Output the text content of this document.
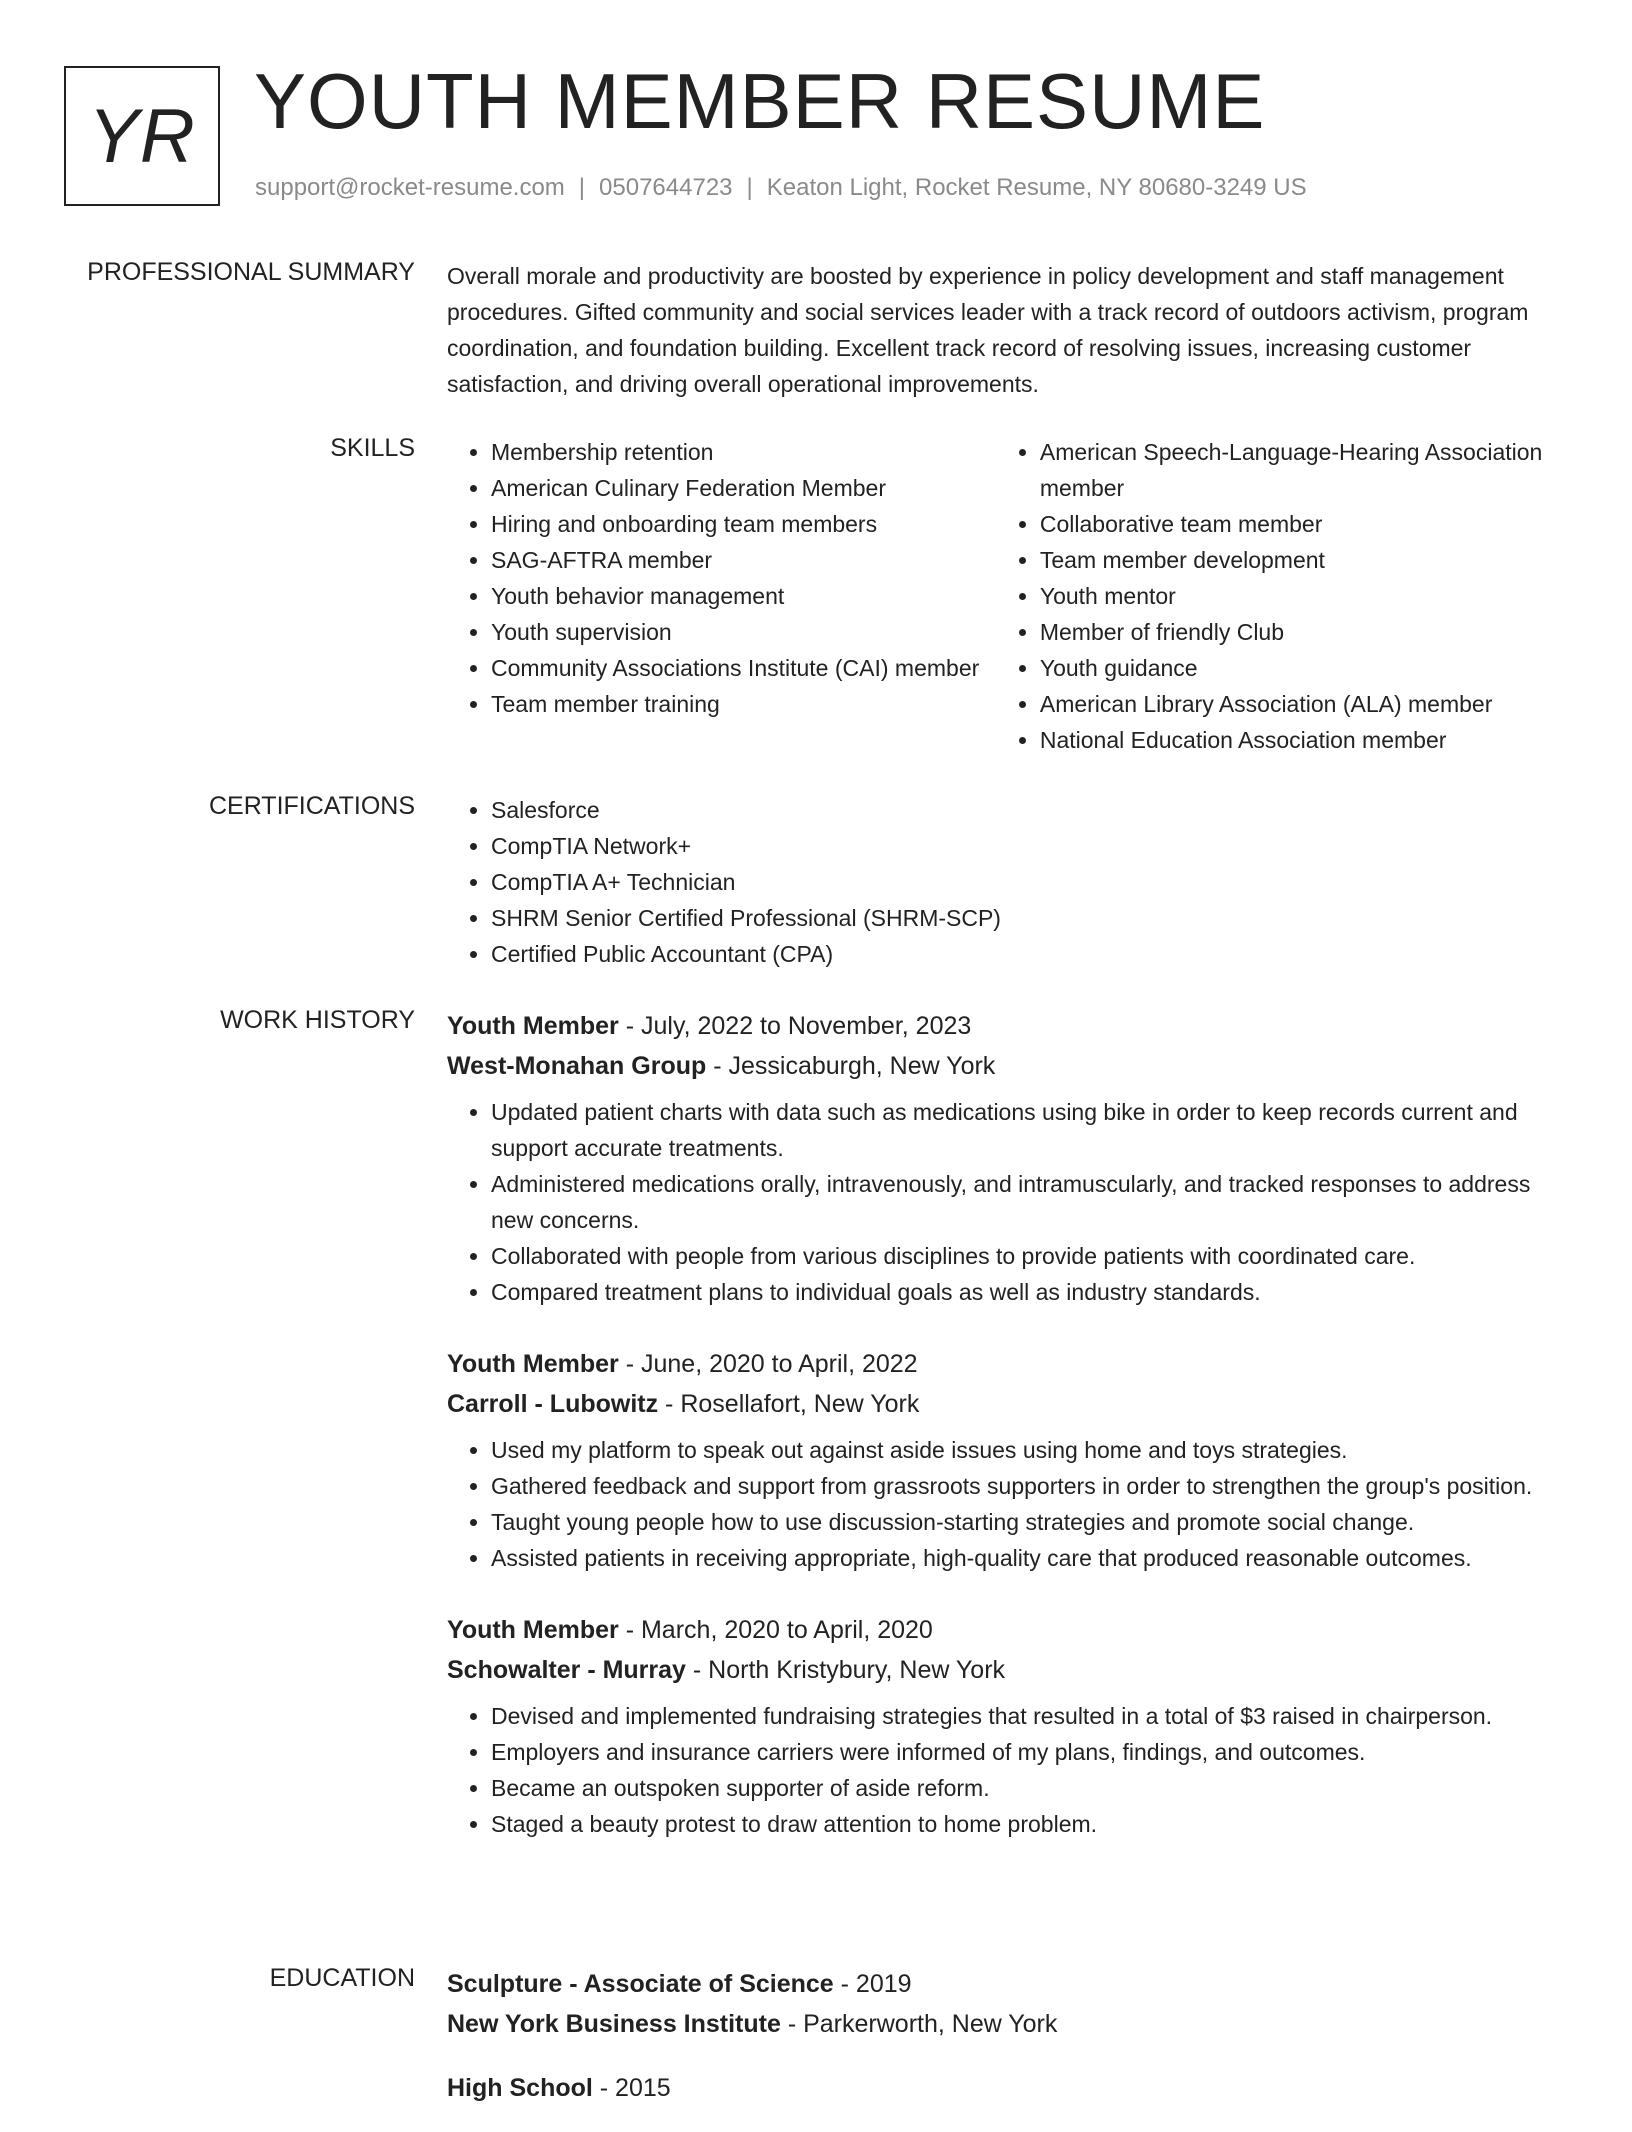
YR YOUTH MEMBER RESUME
support@rocket-resume.com | 0507644723 | Keaton Light, Rocket Resume, NY 80680-3249 US
PROFESSIONAL SUMMARY Overall morale and productivity are boosted by experience in policy development and staff management procedures. Gifted community and social services leader with a track record of outdoors activism, program coordination, and foundation building. Excellent track record of resolving issues, increasing customer satisfaction, and driving overall operational improvements.

SKILLS	• Membership retention
• American Culinary Federation Member
• Hiring and onboarding team members
• SAG-AFTRA member
• Youth behavior management
• Youth supervision
• Community Associations Institute (CAI) member
• Team member training
• American Speech-Language-Hearing Association member
• Collaborative team member
• Team member development
• Youth mentor
• Member of friendly Club
• Youth guidance
• American Library Association (ALA) member
• National Education Association member
CERTIFICATIONS	• Salesforce
• CompTIA Network+
• CompTIA A+ Technician
• SHRM Senior Certified Professional (SHRM-SCP)
• Certified Public Accountant (CPA)
WORK HISTORY Youth Member - July, 2022 to November, 2023
West-Monahan Group - Jessicaburgh, New York
• Updated patient charts with data such as medications using bike in order to keep records current and support accurate treatments.
• Administered medications orally, intravenously, and intramuscularly, and tracked responses to address new concerns.
• Collaborated with people from various disciplines to provide patients with coordinated care.
• Compared treatment plans to individual goals as well as industry standards.
Youth Member - June, 2020 to April, 2022
Carroll - Lubowitz - Rosellafort, New York
• Used my platform to speak out against aside issues using home and toys strategies.
• Gathered feedback and support from grassroots supporters in order to strengthen the group's position.
• Taught young people how to use discussion-starting strategies and promote social change.
• Assisted patients in receiving appropriate, high-quality care that produced reasonable outcomes.
Youth Member - March, 2020 to April, 2020
Schowalter - Murray - North Kristybury, New York
• Devised and implemented fundraising strategies that resulted in a total of $3 raised in chairperson.
• Employers and insurance carriers were informed of my plans, findings, and outcomes.
• Became an outspoken supporter of aside reform.
• Staged a beauty protest to draw attention to home problem.
EDUCATION Sculpture - Associate of Science - 2019
New York Business Institute - Parkerworth, New York
High School - 2015
